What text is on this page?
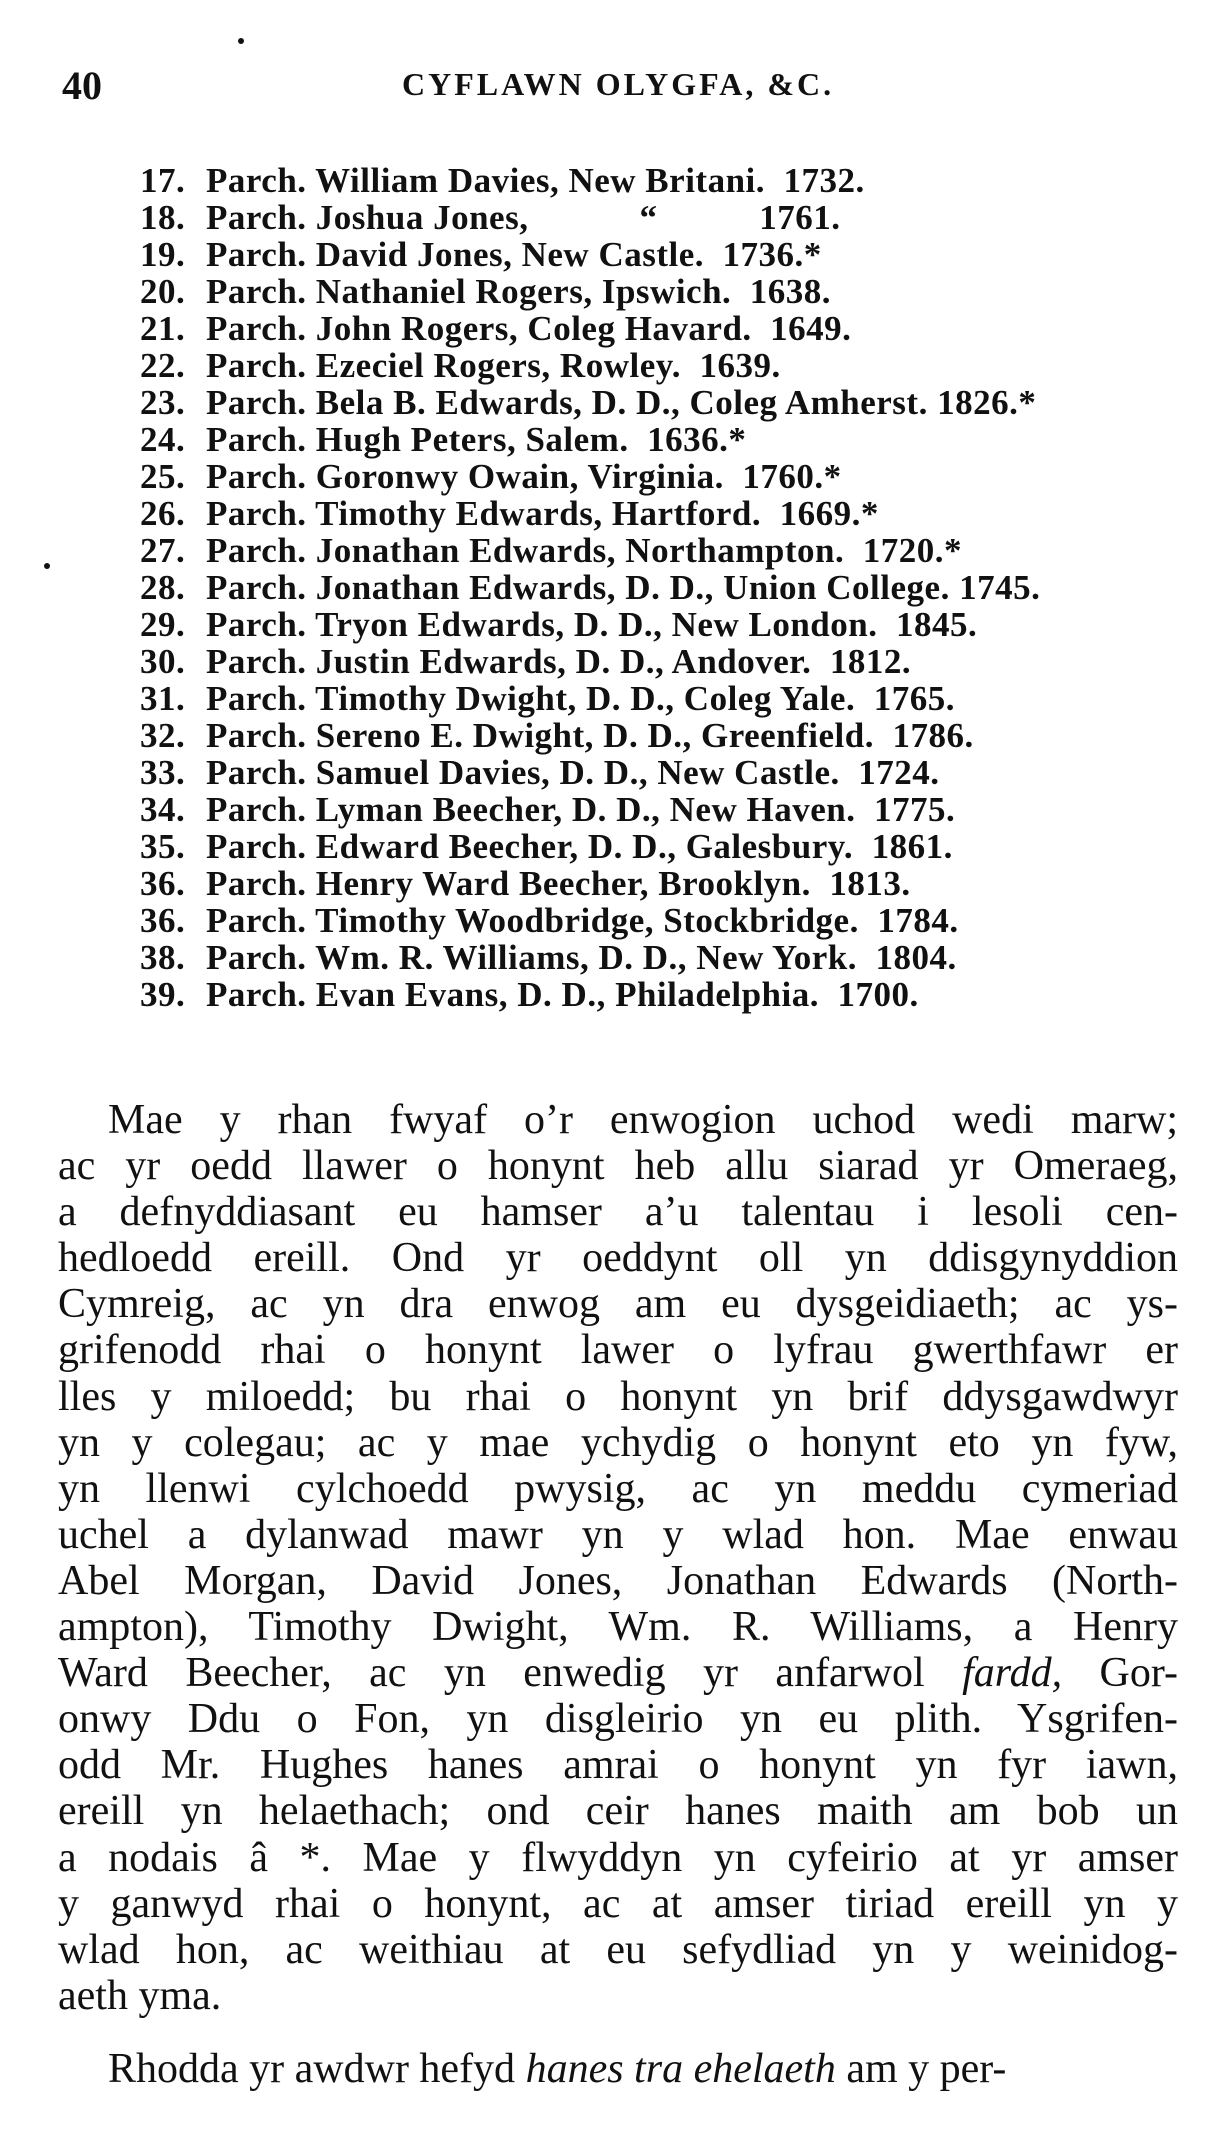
40	CYFLAWN OLYGFA, &C.
17. Parch. William Davies, New Britani.  1732.
18. Parch. Joshua Jones,            “           1761.
19. Parch. David Jones, New Castle.  1736.*
20. Parch. Nathaniel Rogers, Ipswich.  1638.
21. Parch. John Rogers, Coleg Havard.  1649.
22. Parch. Ezeciel Rogers, Rowley.  1639.
23. Parch. Bela B. Edwards, D. D., Coleg Amherst. 1826.*
24. Parch. Hugh Peters, Salem.  1636.*
25. Parch. Goronwy Owain, Virginia.  1760.*
26. Parch. Timothy Edwards, Hartford.  1669.*
27. Parch. Jonathan Edwards, Northampton.  1720.*
28. Parch. Jonathan Edwards, D. D., Union College. 1745.
29. Parch. Tryon Edwards, D. D., New London.  1845.
30. Parch. Justin Edwards, D. D., Andover.  1812.
31. Parch. Timothy Dwight, D. D., Coleg Yale.  1765.
32. Parch. Sereno E. Dwight, D. D., Greenfield.  1786.
33. Parch. Samuel Davies, D. D., New Castle.  1724.
34. Parch. Lyman Beecher, D. D., New Haven.  1775.
35. Parch. Edward Beecher, D. D., Galesbury.  1861.
36. Parch. Henry Ward Beecher, Brooklyn.  1813.
36. Parch. Timothy Woodbridge, Stockbridge.  1784.
38. Parch. Wm. R. Williams, D. D., New York.  1804.
39. Parch. Evan Evans, D. D., Philadelphia.  1700.
Mae y rhan fwyaf o’r enwogion uchod wedi marw;
ac yr oedd llawer o honynt heb allu siarad yr Omeraeg,
a defnyddiasant eu hamser a’u talentau i lesoli cen-
hedloedd ereill. Ond yr oeddynt oll yn ddisgynyddion
Cymreig, ac yn dra enwog am eu dysgeidiaeth; ac ys-
grifenodd rhai o honynt lawer o lyfrau gwerthfawr er
lles y miloedd; bu rhai o honynt yn brif ddysgawdwyr
yn y colegau; ac y mae ychydig o honynt eto yn fyw,
yn llenwi cylchoedd pwysig, ac yn meddu cymeriad
uchel a dylanwad mawr yn y wlad hon. Mae enwau
Abel Morgan, David Jones, Jonathan Edwards (North-
ampton), Timothy Dwight, Wm. R. Williams, a Henry
Ward Beecher, ac yn enwedig yr anfarwol fardd, Gor-
onwy Ddu o Fon, yn disgleirio yn eu plith. Ysgrifen-
odd Mr. Hughes hanes amrai o honynt yn fyr iawn,
ereill yn helaethach; ond ceir hanes maith am bob un
a nodais â *. Mae y flwyddyn yn cyfeirio at yr amser
y ganwyd rhai o honynt, ac at amser tiriad ereill yn y
wlad hon, ac weithiau at eu sefydliad yn y weinidog-
aeth yma.
Rhodda yr awdwr hefyd hanes tra ehelaeth am y per-
